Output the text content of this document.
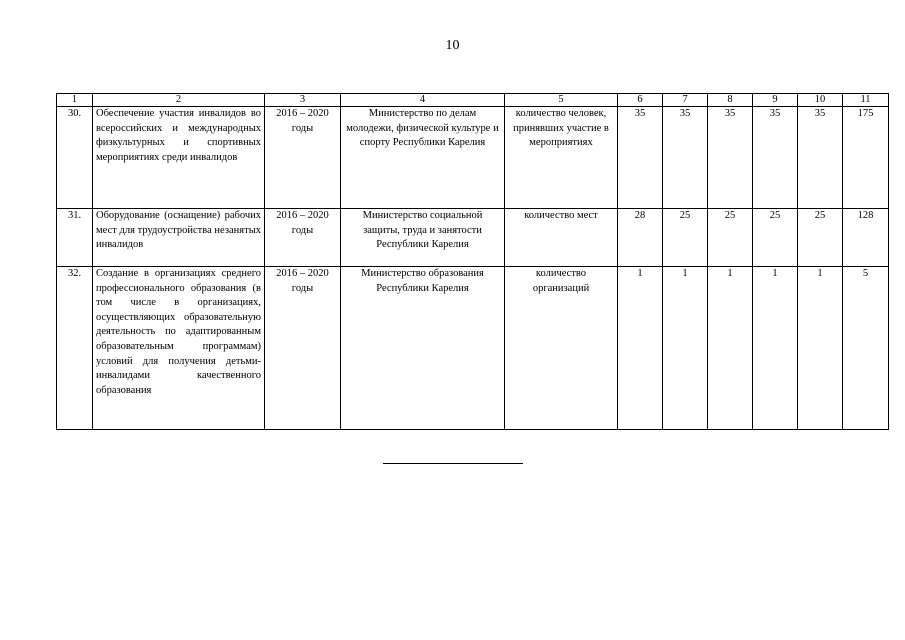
10
1	2	3	4	5	6	7	8	9	10	11
30.	Обеспечение участия инвалидов во всероссийских и международных физкультурных и спортивных мероприятиях среди инвалидов	2016 – 2020 годы	Министерство по делам молодежи, физической культуре и спорту Республики Карелия	количество человек, принявших участие в мероприятиях	35	35	35	35	35	175
31.	Оборудование (оснащение) рабочих мест для трудоустройства незанятых инвалидов	2016 – 2020 годы	Министерство социальной защиты, труда и занятости Республики Карелия	количество мест	28	25	25	25	25	128
32.	Создание в организациях среднего профессионального образования (в том числе в организациях, осуществляющих образовательную деятельность по адаптированным образовательным программам) условий для получения детьми-инвалидами качественного образования	2016 – 2020 годы	Министерство образования Республики Карелия	количество организаций	1	1	1	1	1	5
